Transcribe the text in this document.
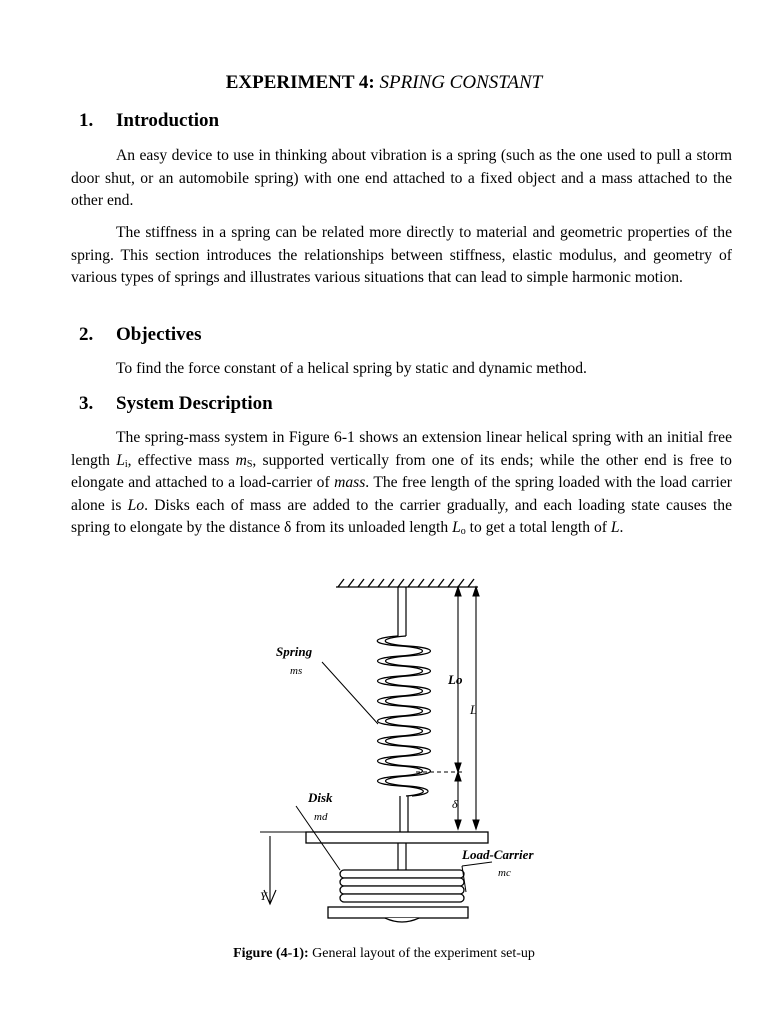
EXPERIMENT 4: SPRING CONSTANT
1. Introduction
An easy device to use in thinking about vibration is a spring (such as the one used to pull a storm door shut, or an automobile spring) with one end attached to a fixed object and a mass attached to the other end.
The stiffness in a spring can be related more directly to material and geometric properties of the spring. This section introduces the relationships between stiffness, elastic modulus, and geometry of various types of springs and illustrates various situations that can lead to simple harmonic motion.
2. Objectives
To find the force constant of a helical spring by static and dynamic method.
3. System Description
The spring-mass system in Figure 6-1 shows an extension linear helical spring with an initial free length $L_i$, effective mass $m_S$, supported vertically from one of its ends; while the other end is free to elongate and attached to a load-carrier of mass. The free length of the spring loaded with the load carrier alone is Lo. Disks each of mass are added to the carrier gradually, and each loading state causes the spring to elongate by the distance δ from its unloaded length $L_o$ to get a total length of L.
Spring
ms
Lo
L
δ
Disk
md
Load-Carrier
mc
Y
Figure (4-1): General layout of the experiment set-up
